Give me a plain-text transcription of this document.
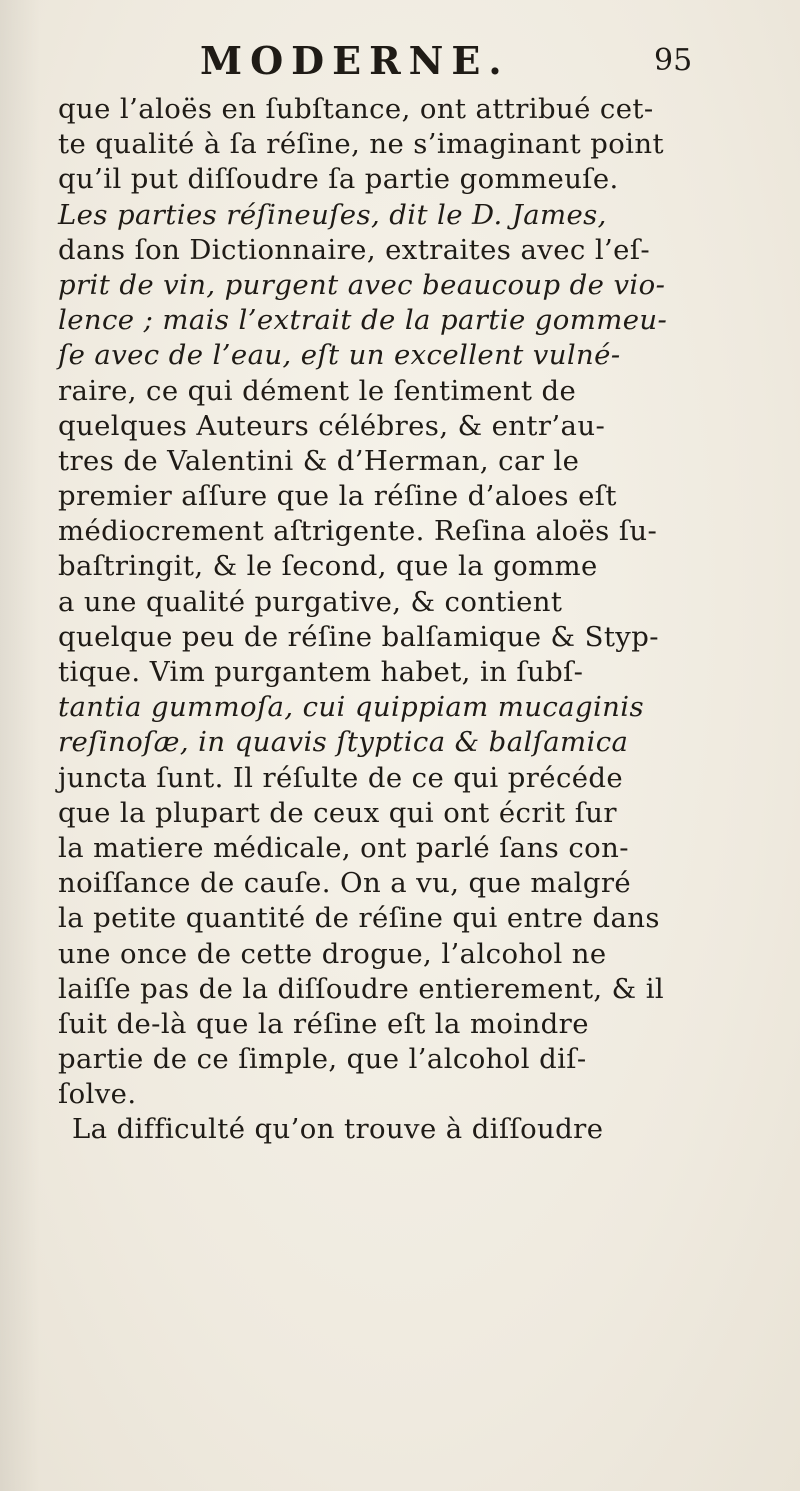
MODERNE.	95
que l’aloës en ſubſtance, ont attribué cet-
te qualité à ſa réſine, ne s’imaginant point
qu’il put diſſoudre ſa partie gommeuſe.
Les parties réſineuſes, dit le D. James,
dans ſon Dictionnaire, extraites avec l’eſ-
prit de vin, purgent avec beaucoup de vio-
lence ; mais l’extrait de la partie gommeu-
ſe avec de l’eau, eſt un excellent vulné-
raire, ce qui dément le ſentiment de
quelques Auteurs célébres, & entr’au-
tres de Valentini & d’Herman, car le
premier aſſure que la réſine d’aloes eſt
médiocrement aſtrigente. Reſina aloës ſu-
baſtringit, & le ſecond, que la gomme
a une qualité purgative, & contient
quelque peu de réſine balſamique & Styp-
tique. Vim purgantem habet, in ſubſ-
tantia gummoſa, cui quippiam mucaginis
reſinoſæ, in quavis ſtyptica & balſamica
juncta ſunt. Il réſulte de ce qui précéde
que la plupart de ceux qui ont écrit ſur
la matiere médicale, ont parlé ſans con-
noiſſance de cauſe. On a vu, que malgré
la petite quantité de réſine qui entre dans
une once de cette drogue, l’alcohol ne
laiſſe pas de la diſſoudre entierement, & il
ſuit de-là que la réſine eſt la moindre
partie de ce ſimple, que l’alcohol diſ-
ſolve.
La difficulté qu’on trouve à diſſoudre
